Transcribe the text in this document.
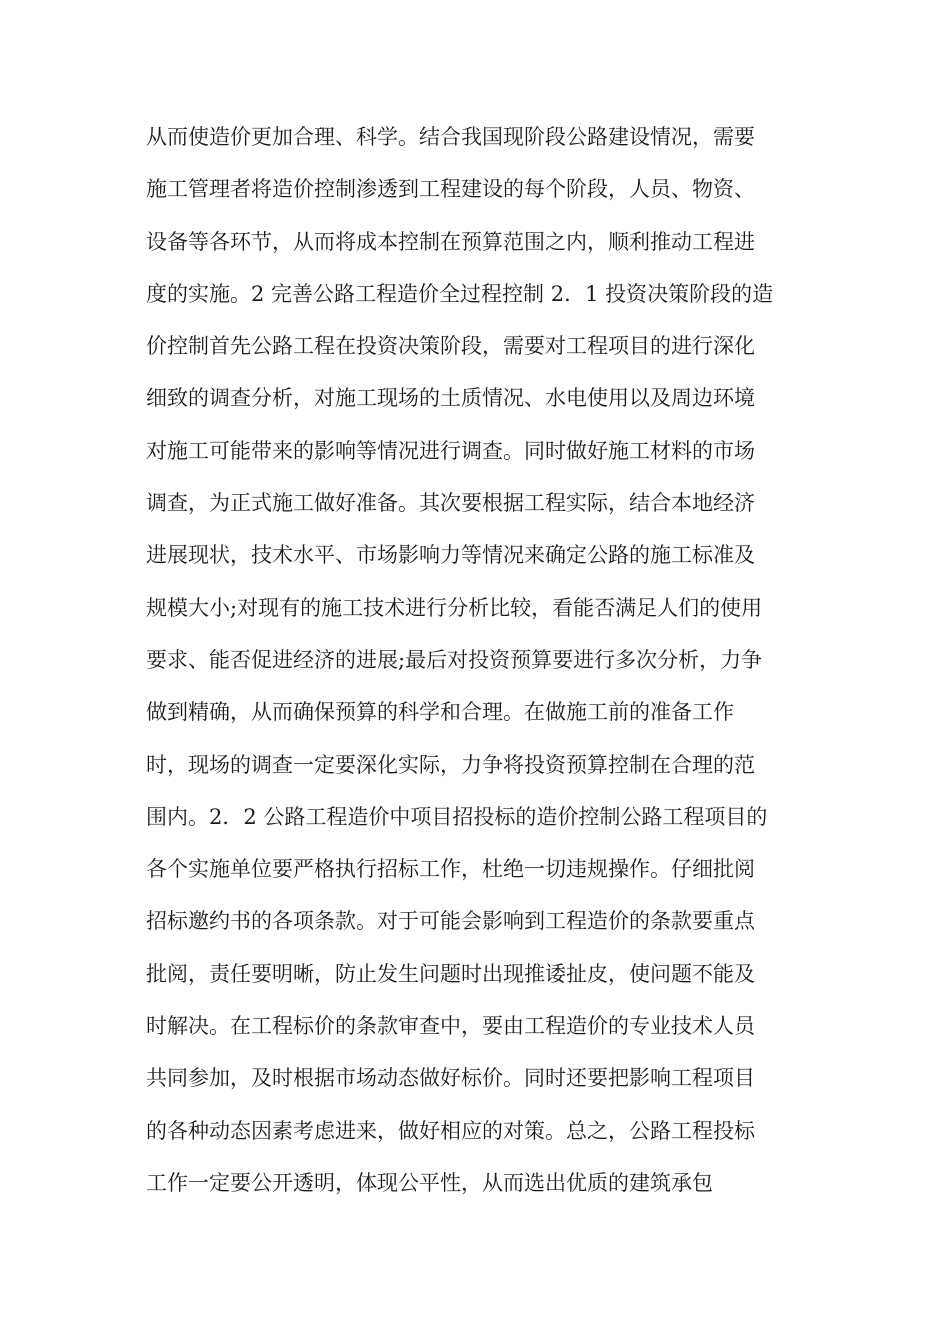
从而使造价更加合理、科学。结合我国现阶段公路建设情况，需要
施工管理者将造价控制渗透到工程建设的每个阶段，人员、物资、
设备等各环节，从而将成本控制在预算范围之内，顺利推动工程进
度的实施。2 完善公路工程造价全过程控制 2．1 投资决策阶段的造
价控制首先公路工程在投资决策阶段，需要对工程项目的进行深化
细致的调查分析，对施工现场的土质情况、水电使用以及周边环境
对施工可能带来的影响等情况进行调查。同时做好施工材料的市场
调查，为正式施工做好准备。其次要根据工程实际，结合本地经济
进展现状，技术水平、市场影响力等情况来确定公路的施工标准及
规模大小;对现有的施工技术进行分析比较，看能否满足人们的使用
要求、能否促进经济的进展;最后对投资预算要进行多次分析，力争
做到精确，从而确保预算的科学和合理。在做施工前的准备工作
时，现场的调查一定要深化实际，力争将投资预算控制在合理的范
围内。2．2 公路工程造价中项目招投标的造价控制公路工程项目的
各个实施单位要严格执行招标工作，杜绝一切违规操作。仔细批阅
招标邀约书的各项条款。对于可能会影响到工程造价的条款要重点
批阅，责任要明晰，防止发生问题时出现推诿扯皮，使问题不能及
时解决。在工程标价的条款审查中，要由工程造价的专业技术人员
共同参加，及时根据市场动态做好标价。同时还要把影响工程项目
的各种动态因素考虑进来，做好相应的对策。总之，公路工程投标
工作一定要公开透明，体现公平性，从而选出优质的建筑承包
